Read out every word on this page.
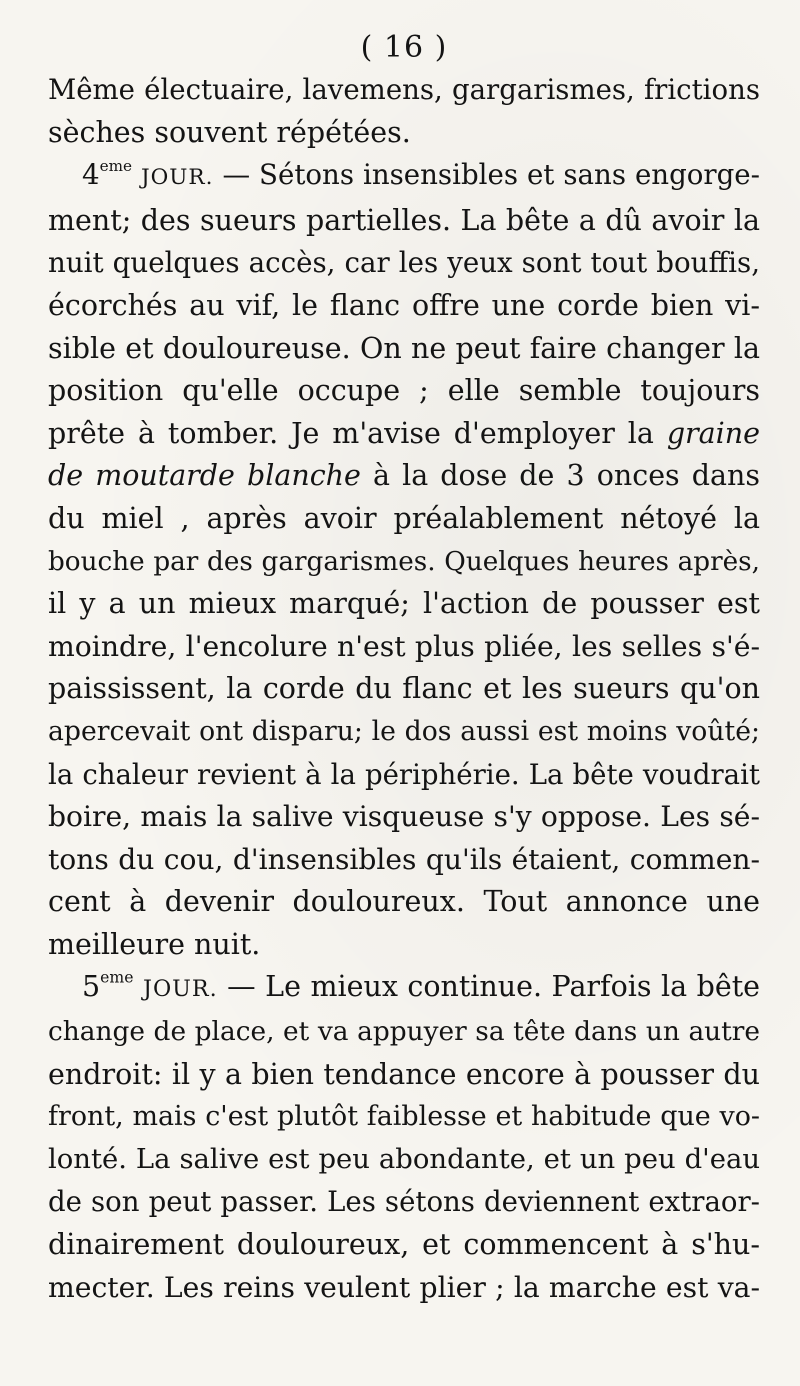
( 16 )
Même électuaire, lavemens, gargarismes, frictions
sèches souvent répétées.
4eme JOUR. — Sétons insensibles et sans engorge-
ment; des sueurs partielles. La bête a dû avoir la
nuit quelques accès, car les yeux sont tout bouffis,
écorchés au vif, le flanc offre une corde bien vi-
sible et douloureuse. On ne peut faire changer la
position qu'elle occupe ; elle semble toujours
prête à tomber. Je m'avise d'employer la graine
de moutarde blanche à la dose de 3 onces dans
du miel , après avoir préalablement nétoyé la
bouche par des gargarismes. Quelques heures après,
il y a un mieux marqué; l'action de pousser est
moindre, l'encolure n'est plus pliée, les selles s'é-
paississent, la corde du flanc et les sueurs qu'on
apercevait ont disparu; le dos aussi est moins voûté;
la chaleur revient à la périphérie. La bête voudrait
boire, mais la salive visqueuse s'y oppose. Les sé-
tons du cou, d'insensibles qu'ils étaient, commen-
cent à devenir douloureux. Tout annonce une
meilleure nuit.
5eme JOUR. — Le mieux continue. Parfois la bête
change de place, et va appuyer sa tête dans un autre
endroit: il y a bien tendance encore à pousser du
front, mais c'est plutôt faiblesse et habitude que vo-
lonté. La salive est peu abondante, et un peu d'eau
de son peut passer. Les sétons deviennent extraor-
dinairement douloureux, et commencent à s'hu-
mecter. Les reins veulent plier ; la marche est va-
